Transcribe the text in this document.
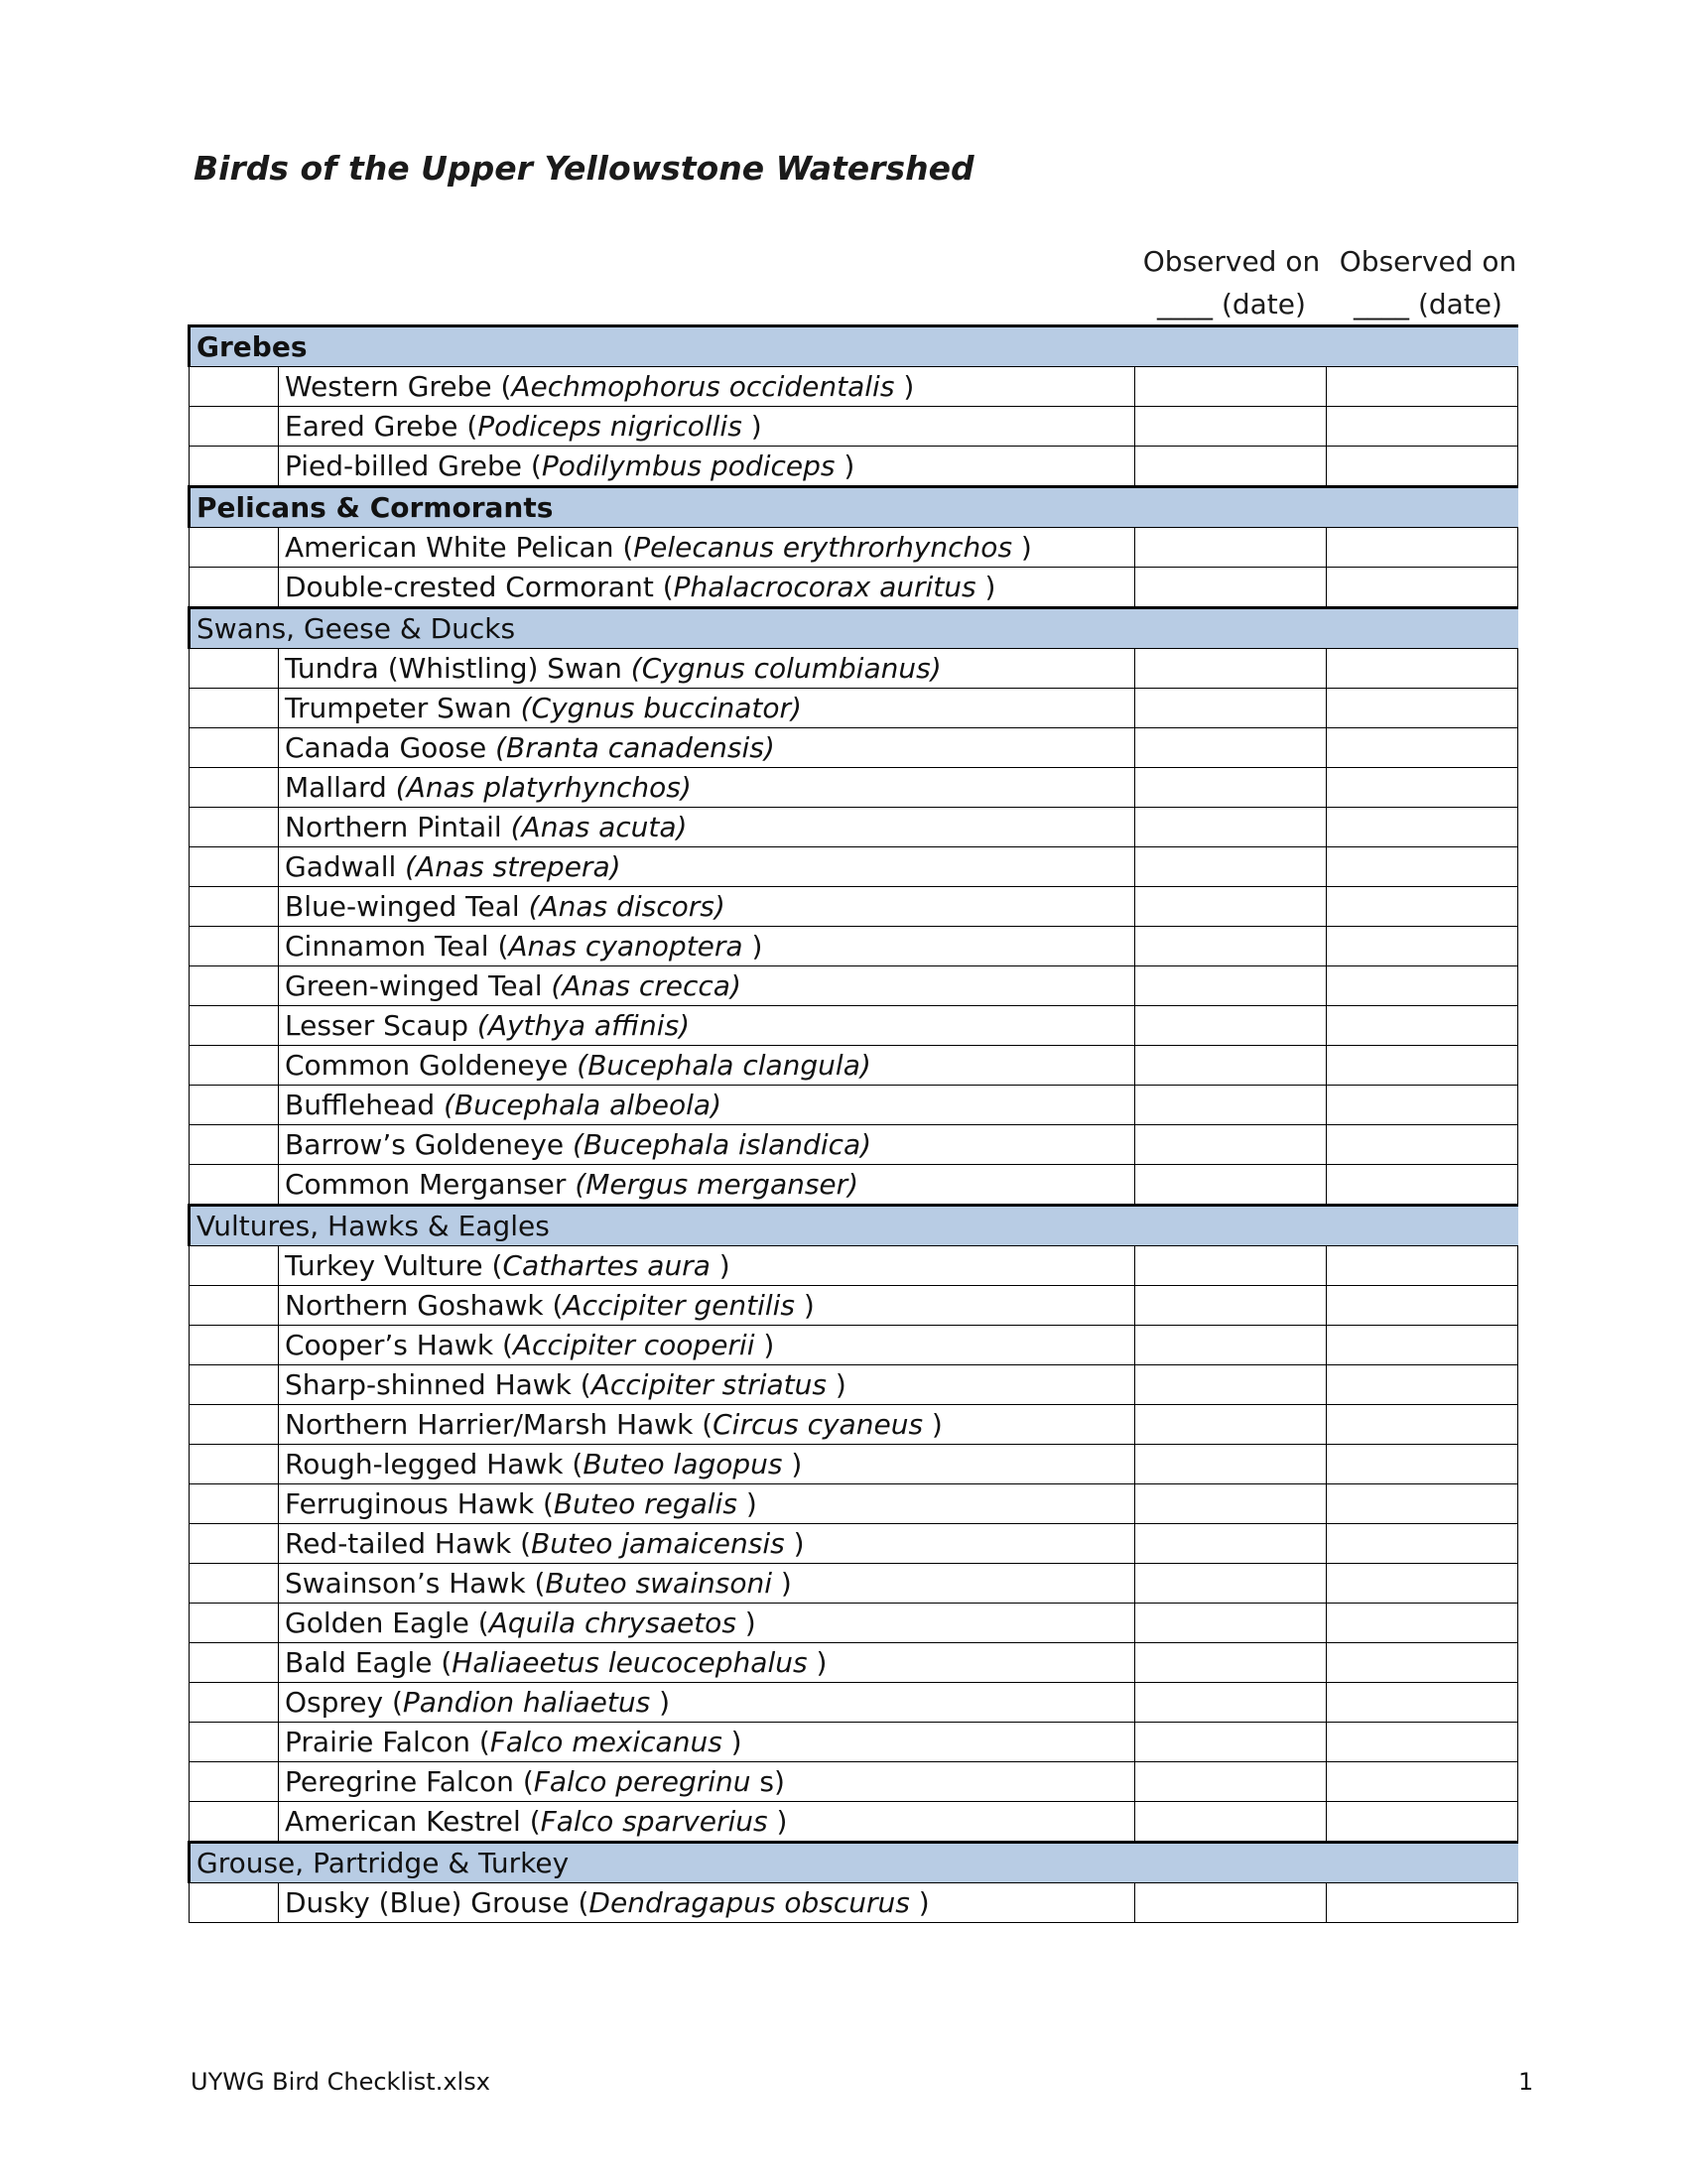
Birds of the Upper Yellowstone Watershed
Observed on
____ (date)
Observed on
____ (date)
Grebes			
	Western Grebe (Aechmophorus occidentalis )		
	Eared Grebe (Podiceps nigricollis )		
	Pied-billed Grebe (Podilymbus podiceps )		
Pelicans & Cormorants			
	American White Pelican (Pelecanus erythrorhynchos )		
	Double-crested Cormorant (Phalacrocorax auritus )		
Swans, Geese & Ducks			
	Tundra (Whistling) Swan (Cygnus columbianus)		
	Trumpeter Swan (Cygnus buccinator)		
	Canada Goose (Branta canadensis)		
	Mallard (Anas platyrhynchos)		
	Northern Pintail (Anas acuta)		
	Gadwall (Anas strepera)		
	Blue-winged Teal (Anas discors)		
	Cinnamon Teal (Anas cyanoptera )		
	Green-winged Teal (Anas crecca)		
	Lesser Scaup (Aythya affinis)		
	Common Goldeneye (Bucephala clangula)		
	Bufflehead (Bucephala albeola)		
	Barrow’s Goldeneye (Bucephala islandica)		
	Common Merganser (Mergus merganser)		
Vultures, Hawks & Eagles			
	Turkey Vulture (Cathartes aura )		
	Northern Goshawk (Accipiter gentilis )		
	Cooper’s Hawk (Accipiter cooperii )		
	Sharp-shinned Hawk (Accipiter striatus )		
	Northern Harrier/Marsh Hawk (Circus cyaneus )		
	Rough-legged Hawk (Buteo lagopus )		
	Ferruginous Hawk (Buteo regalis )		
	Red-tailed Hawk (Buteo jamaicensis )		
	Swainson’s Hawk (Buteo swainsoni )		
	Golden Eagle (Aquila chrysaetos )		
	Bald Eagle (Haliaeetus leucocephalus )		
	Osprey (Pandion haliaetus )		
	Prairie Falcon (Falco mexicanus )		
	Peregrine Falcon (Falco peregrinu s)		
	American Kestrel (Falco sparverius )		
Grouse, Partridge & Turkey			
	Dusky (Blue) Grouse (Dendragapus obscurus )		
UYWG Bird Checklist.xlsx	1
